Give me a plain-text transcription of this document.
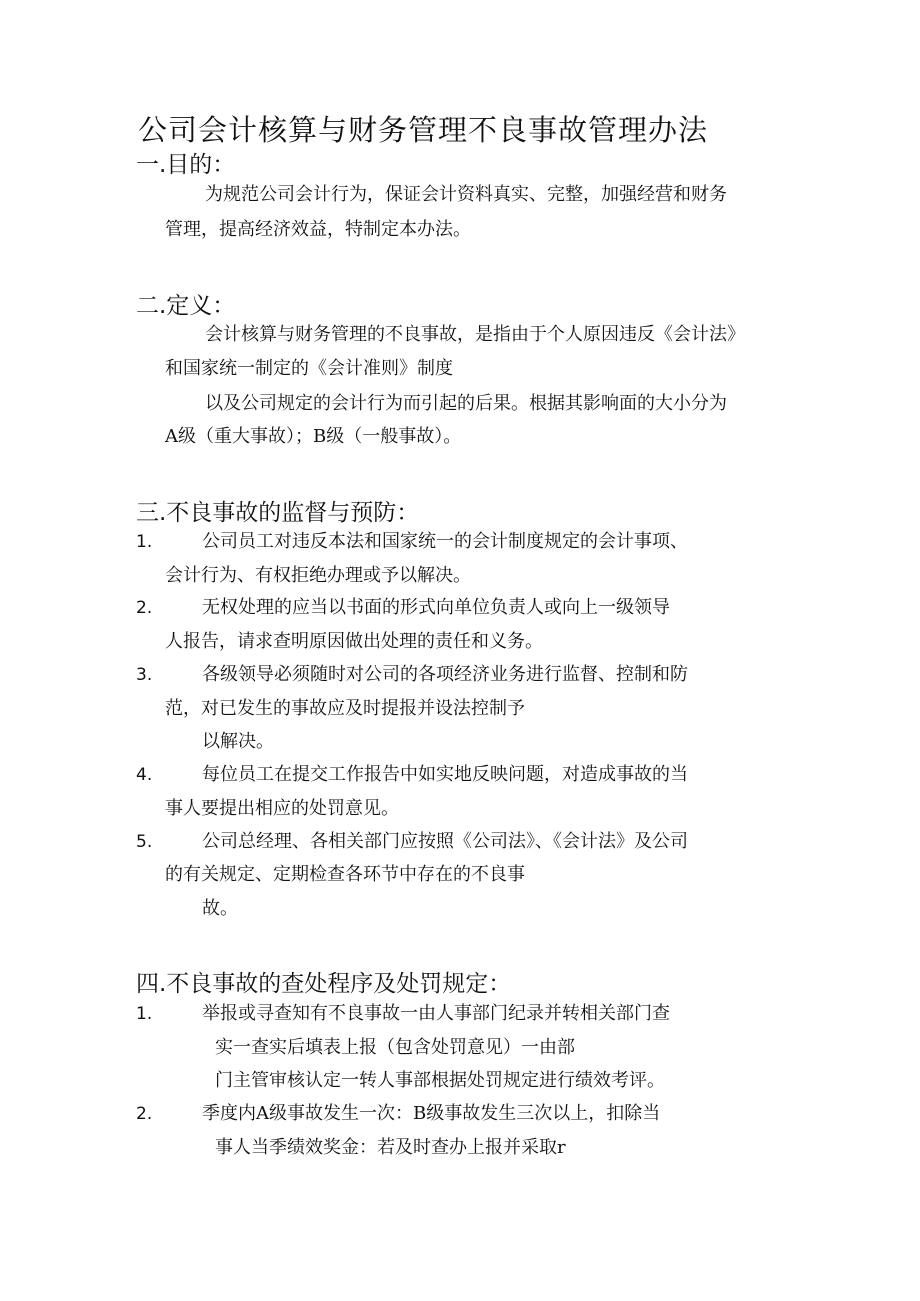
公司会计核算与财务管理不良事故管理办法
一.目的：
为规范公司会计行为，保证会计资料真实、完整，加强经营和财务
管理，提高经济效益，特制定本办法。
二.定义：
会计核算与财务管理的不良事故，是指由于个人原因违反《会计法》
和国家统一制定的《会计准则》制度
以及公司规定的会计行为而引起的后果。根据其影响面的大小分为
A级（重大事故）；B级（一般事故）。
三.不良事故的监督与预防：
1.	公司员工对违反本法和国家统一的会计制度规定的会计事项、
会计行为、有权拒绝办理或予以解决。
2.	无权处理的应当以书面的形式向单位负责人或向上一级领导
人报告，请求查明原因做出处理的责任和义务。
3.	各级领导必须随时对公司的各项经济业务进行监督、控制和防
范，对已发生的事故应及时提报并设法控制予
以解决。
4.	每位员工在提交工作报告中如实地反映问题，对造成事故的当
事人要提出相应的处罚意见。
5.	公司总经理、各相关部门应按照《公司法》、《会计法》及公司
的有关规定、定期检查各环节中存在的不良事
故。
四.不良事故的查处程序及处罚规定：
1.	举报或寻查知有不良事故一由人事部门纪录并转相关部门查
实一查实后填表上报（包含处罚意见）一由部
门主管审核认定一转人事部根据处罚规定进行绩效考评。
2.	季度内A级事故发生一次：B级事故发生三次以上，扣除当
事人当季绩效奖金：若及时查办上报并采取r
